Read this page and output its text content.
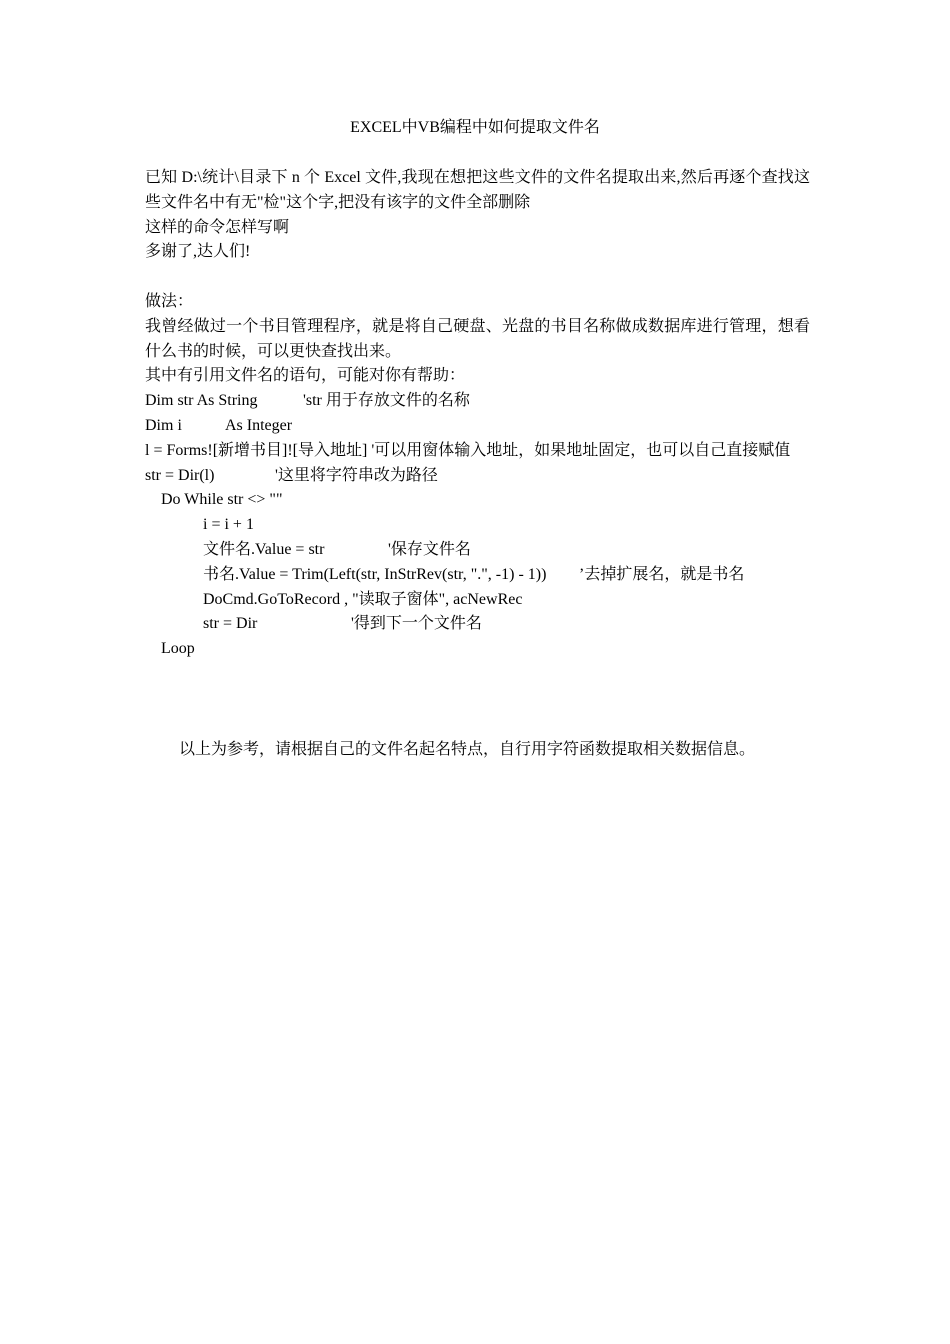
EXCEL中VB编程中如何提取文件名
已知 D:\统计\目录下 n 个 Excel 文件,我现在想把这些文件的文件名提取出来,然后再逐个查找这些文件名中有无"检"这个字,把没有该字的文件全部删除
这样的命令怎样写啊
多谢了,达人们!
做法：
我曾经做过一个书目管理程序，就是将自己硬盘、光盘的书目名称做成数据库进行管理，想看什么书的时候，可以更快查找出来。
其中有引用文件名的语句，可能对你有帮助：
Dim str As String	'str 用于存放文件的名称
Dim i	As Integer
l = Forms![新增书目]![导入地址] '可以用窗体输入地址，如果地址固定，也可以自己直接赋值
str = Dir(l)	'这里将字符串改为路径
Do While str <> ""
i = i + 1
文件名.Value = str	'保存文件名
书名.Value = Trim(Left(str, InStrRev(str, ".", -1) - 1)) ’去掉扩展名，就是书名
DoCmd.GoToRecord , "读取子窗体", acNewRec
str = Dir	'得到下一个文件名
Loop
以上为参考，请根据自己的文件名起名特点，自行用字符函数提取相关数据信息。
